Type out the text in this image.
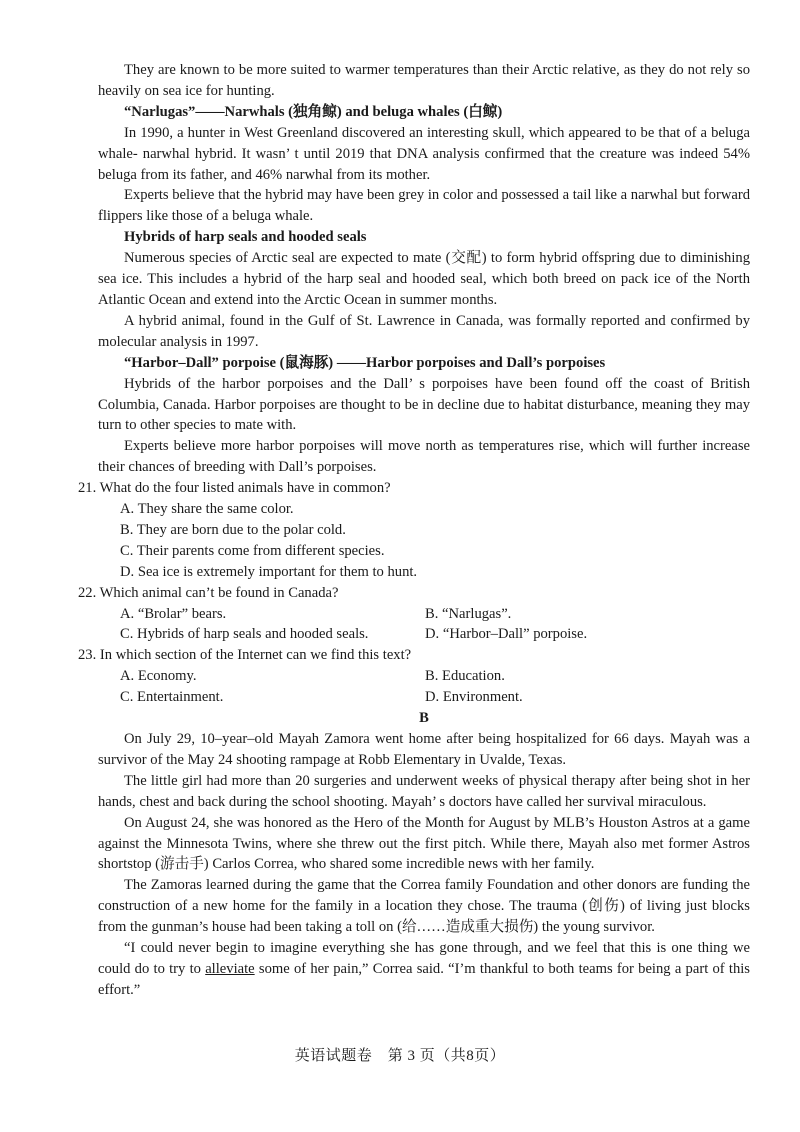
They are known to be more suited to warmer temperatures than their Arctic relative, as they do not rely so heavily on sea ice for hunting.

“Narlugas”——Narwhals (独角鲸) and beluga whales (白鲸)

In 1990, a hunter in West Greenland discovered an interesting skull, which appeared to be that of a beluga whale- narwhal hybrid. It wasn’ t until 2019 that DNA analysis confirmed that the creature was indeed 54% beluga from its father, and 46% narwhal from its mother.

Experts believe that the hybrid may have been grey in color and possessed a tail like a narwhal but forward flippers like those of a beluga whale.

Hybrids of harp seals and hooded seals

Numerous species of Arctic seal are expected to mate (交配) to form hybrid offspring due to diminishing sea ice. This includes a hybrid of the harp seal and hooded seal, which both breed on pack ice of the North Atlantic Ocean and extend into the Arctic Ocean in summer months.

A hybrid animal, found in the Gulf of St. Lawrence in Canada, was formally reported and confirmed by molecular analysis in 1997.

“Harbor–Dall” porpoise (鼠海豚) ——Harbor porpoises and Dall’s porpoises

Hybrids of the harbor porpoises and the Dall’ s porpoises have been found off the coast of British Columbia, Canada. Harbor porpoises are thought to be in decline due to habitat disturbance, meaning they may turn to other species to mate with.

Experts believe more harbor porpoises will move north as temperatures rise, which will further increase their chances of breeding with Dall’s porpoises.

21. What do the four listed animals have in common?

A. They share the same color.

B. They are born due to the polar cold.

C. Their parents come from different species.

D. Sea ice is extremely important for them to hunt.

22. Which animal can’t be found in Canada?

A. “Brolar” bears.	B. “Narlugas”.
C. Hybrids of harp seals and hooded seals.	D. “Harbor–Dall” porpoise.

23. In which section of the Internet can we find this text?

A. Economy.	B. Education.
C. Entertainment.	D. Environment.

B

On July 29, 10–year–old Mayah Zamora went home after being hospitalized for 66 days. Mayah was a survivor of the May 24 shooting rampage at Robb Elementary in Uvalde, Texas.

The little girl had more than 20 surgeries and underwent weeks of physical therapy after being shot in her hands, chest and back during the school shooting. Mayah’ s doctors have called her survival miraculous.

On August 24, she was honored as the Hero of the Month for August by MLB’s Houston Astros at a game against the Minnesota Twins, where she threw out the first pitch. While there, Mayah also met former Astros shortstop (游击手) Carlos Correa, who shared some incredible news with her family.

The Zamoras learned during the game that the Correa family Foundation and other donors are funding the construction of a new home for the family in a location they chose. The trauma (创伤) of living just blocks from the gunman’s house had been taking a toll on (给……造成重大损伤) the young survivor.

“I could never begin to imagine everything she has gone through, and we feel that this is one thing we could do to try to alleviate some of her pain,” Correa said. “I’m thankful to both teams for being a part of this effort.”

英语试题卷　第 3 页（共8页）
